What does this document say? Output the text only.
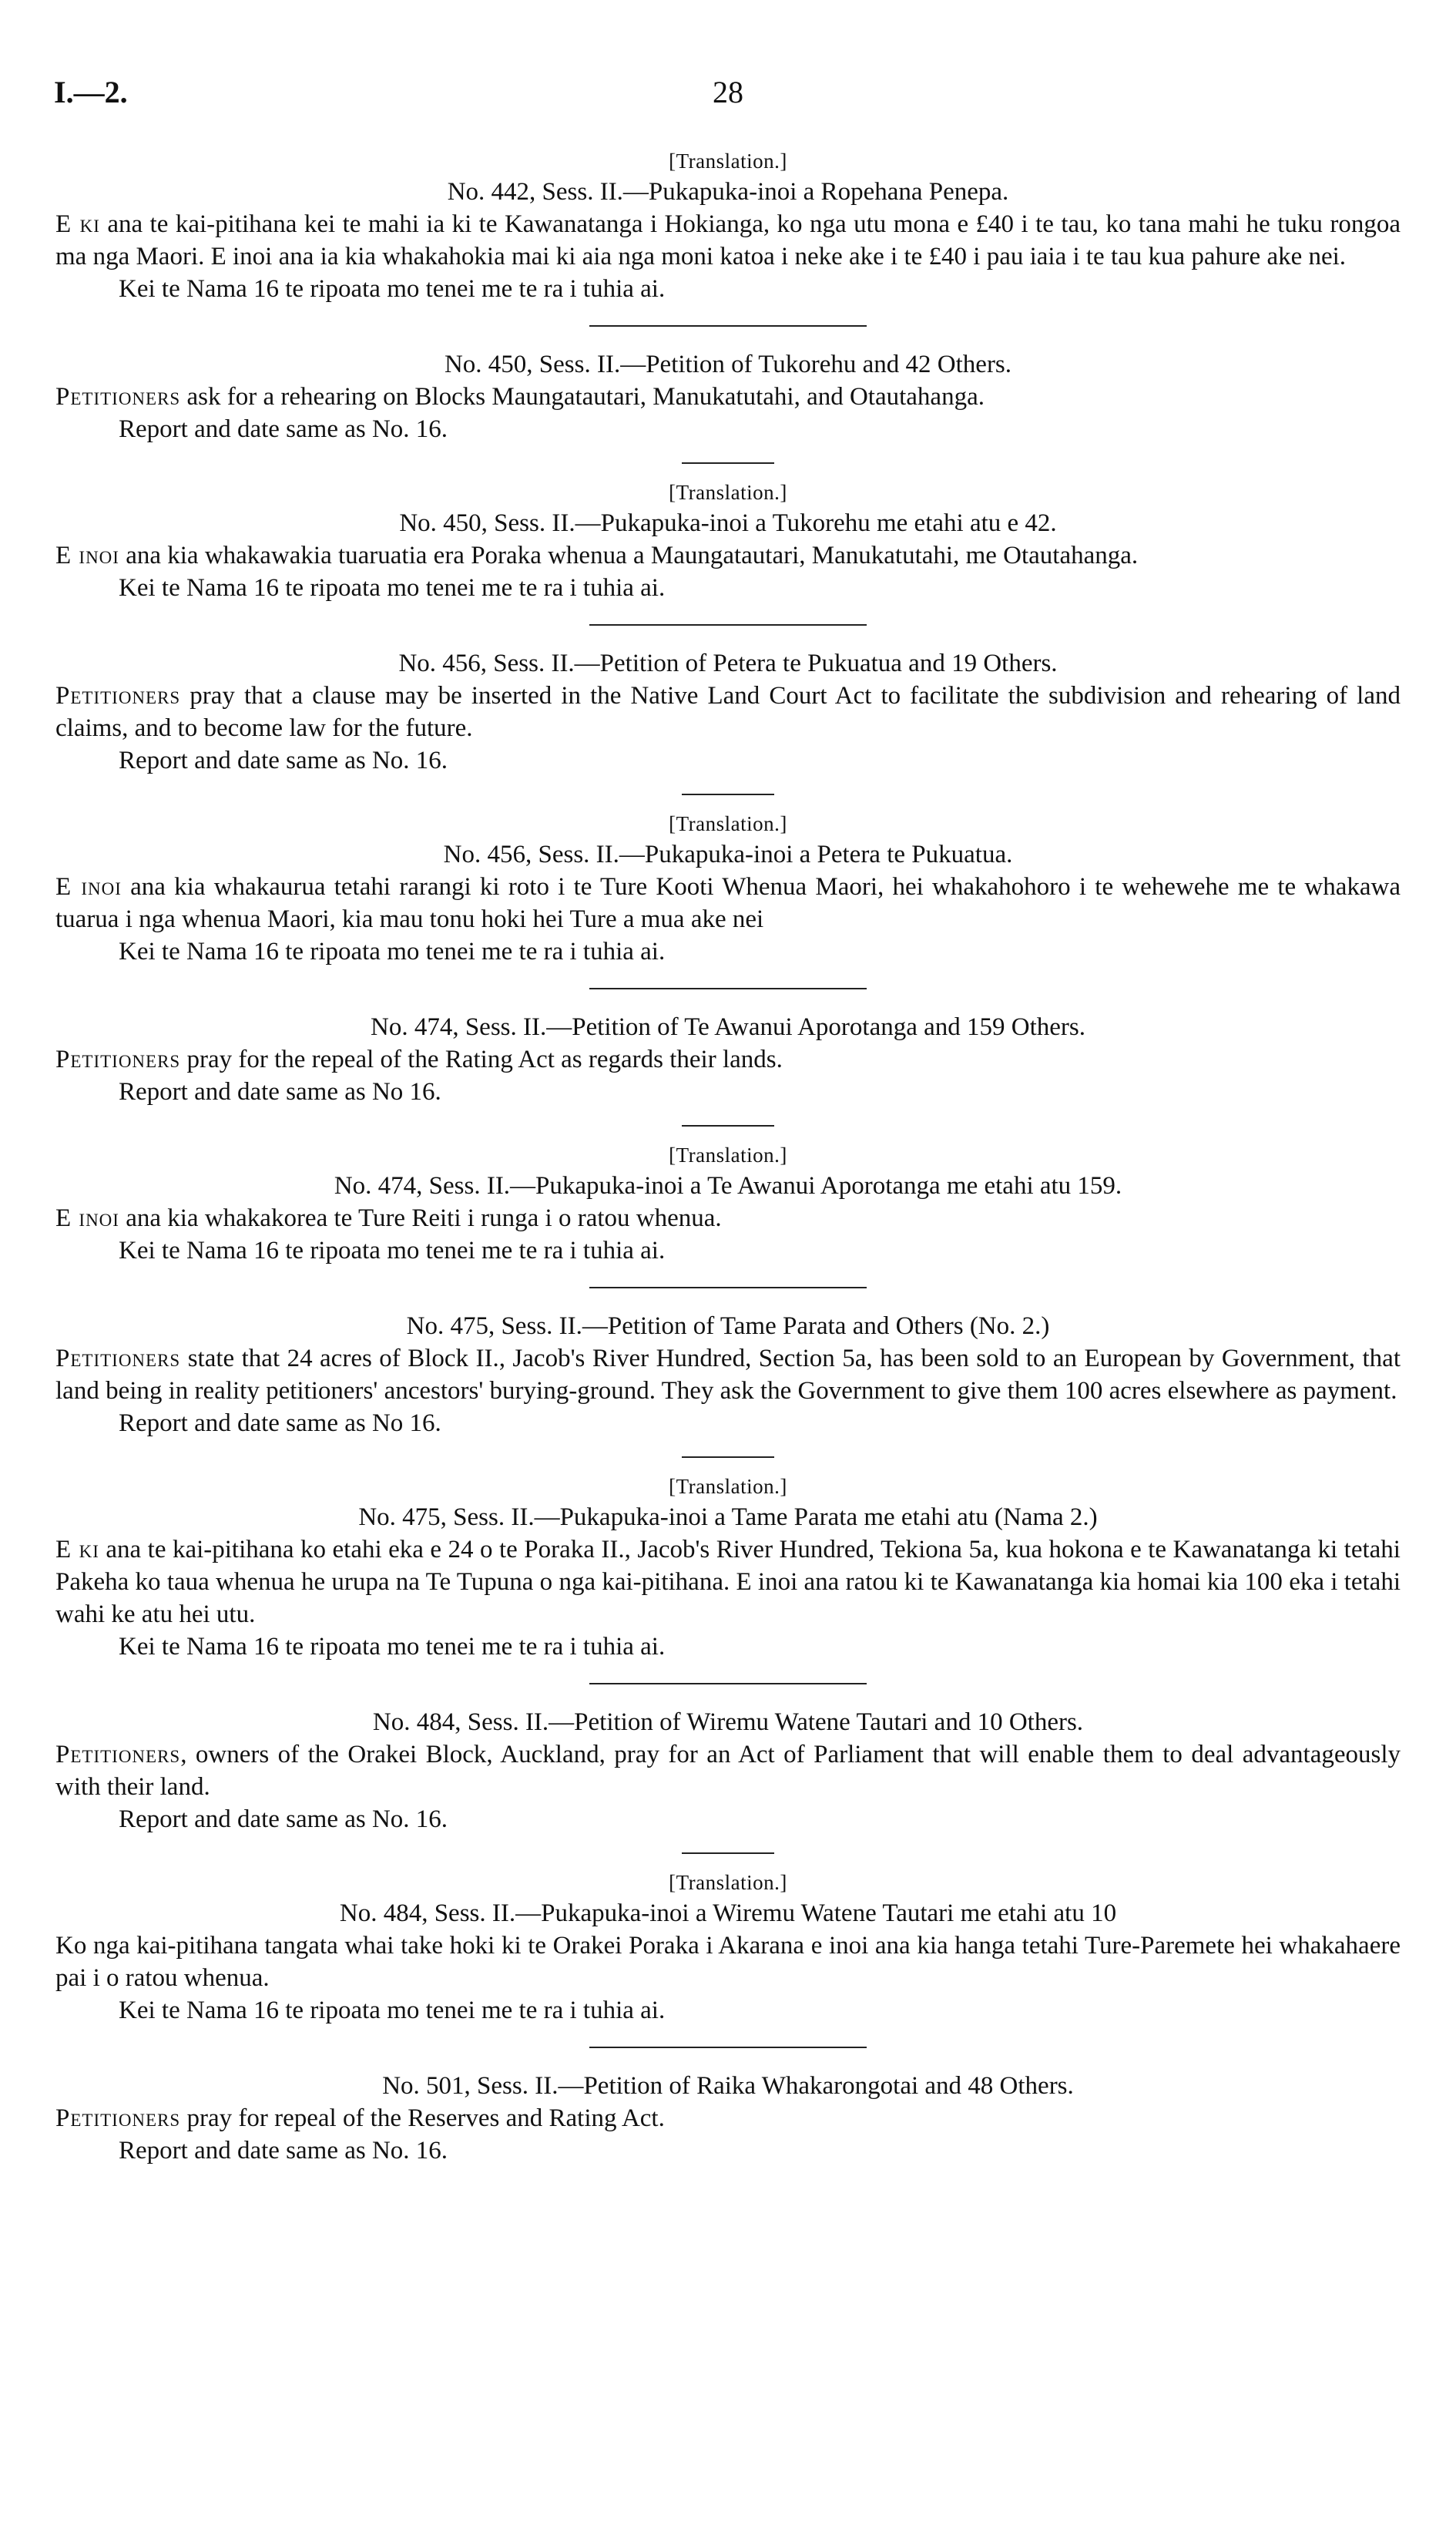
I.—2.	28
[Translation.]
No. 442, Sess. II.—Pukapuka-inoi a Ropehana Penepa.
E ki ana te kai-pitihana kei te mahi ia ki te Kawanatanga i Hokianga, ko nga utu mona e £40 i te tau, ko tana mahi he tuku rongoa ma nga Maori. E inoi ana ia kia whakahokia mai ki aia nga moni katoa i neke ake i te £40 i pau iaia i te tau kua pahure ake nei.
Kei te Nama 16 te ripoata mo tenei me te ra i tuhia ai.
No. 450, Sess. II.—Petition of Tukorehu and 42 Others.
Petitioners ask for a rehearing on Blocks Maungatautari, Manukatutahi, and Otautahanga.
Report and date same as No. 16.
[Translation.]
No. 450, Sess. II.—Pukapuka-inoi a Tukorehu me etahi atu e 42.
E inoi ana kia whakawakia tuaruatia era Poraka whenua a Maungatautari, Manukatutahi, me Otautahanga.
Kei te Nama 16 te ripoata mo tenei me te ra i tuhia ai.
No. 456, Sess. II.—Petition of Petera te Pukuatua and 19 Others.
Petitioners pray that a clause may be inserted in the Native Land Court Act to facilitate the subdivision and rehearing of land claims, and to become law for the future.
Report and date same as No. 16.
[Translation.]
No. 456, Sess. II.—Pukapuka-inoi a Petera te Pukuatua.
E inoi ana kia whakaurua tetahi rarangi ki roto i te Ture Kooti Whenua Maori, hei whakahohoro i te wehewehe me te whakawa tuarua i nga whenua Maori, kia mau tonu hoki hei Ture a mua ake nei
Kei te Nama 16 te ripoata mo tenei me te ra i tuhia ai.
No. 474, Sess. II.—Petition of Te Awanui Aporotanga and 159 Others.
Petitioners pray for the repeal of the Rating Act as regards their lands.
Report and date same as No 16.
[Translation.]
No. 474, Sess. II.—Pukapuka-inoi a Te Awanui Aporotanga me etahi atu 159.
E inoi ana kia whakakorea te Ture Reiti i runga i o ratou whenua.
Kei te Nama 16 te ripoata mo tenei me te ra i tuhia ai.
No. 475, Sess. II.—Petition of Tame Parata and Others (No. 2.)
Petitioners state that 24 acres of Block II., Jacob's River Hundred, Section 5a, has been sold to an European by Government, that land being in reality petitioners' ancestors' burying-ground. They ask the Government to give them 100 acres elsewhere as payment.
Report and date same as No 16.
[Translation.]
No. 475, Sess. II.—Pukapuka-inoi a Tame Parata me etahi atu (Nama 2.)
E ki ana te kai-pitihana ko etahi eka e 24 o te Poraka II., Jacob's River Hundred, Tekiona 5a, kua hokona e te Kawanatanga ki tetahi Pakeha ko taua whenua he urupa na Te Tupuna o nga kai-pitihana. E inoi ana ratou ki te Kawanatanga kia homai kia 100 eka i tetahi wahi ke atu hei utu.
Kei te Nama 16 te ripoata mo tenei me te ra i tuhia ai.
No. 484, Sess. II.—Petition of Wiremu Watene Tautari and 10 Others.
Petitioners, owners of the Orakei Block, Auckland, pray for an Act of Parliament that will enable them to deal advantageously with their land.
Report and date same as No. 16.
[Translation.]
No. 484, Sess. II.—Pukapuka-inoi a Wiremu Watene Tautari me etahi atu 10
Ko nga kai-pitihana tangata whai take hoki ki te Orakei Poraka i Akarana e inoi ana kia hanga tetahi Ture-Paremete hei whakahaere pai i o ratou whenua.
Kei te Nama 16 te ripoata mo tenei me te ra i tuhia ai.
No. 501, Sess. II.—Petition of Raika Whakarongotai and 48 Others.
Petitioners pray for repeal of the Reserves and Rating Act.
Report and date same as No. 16.
